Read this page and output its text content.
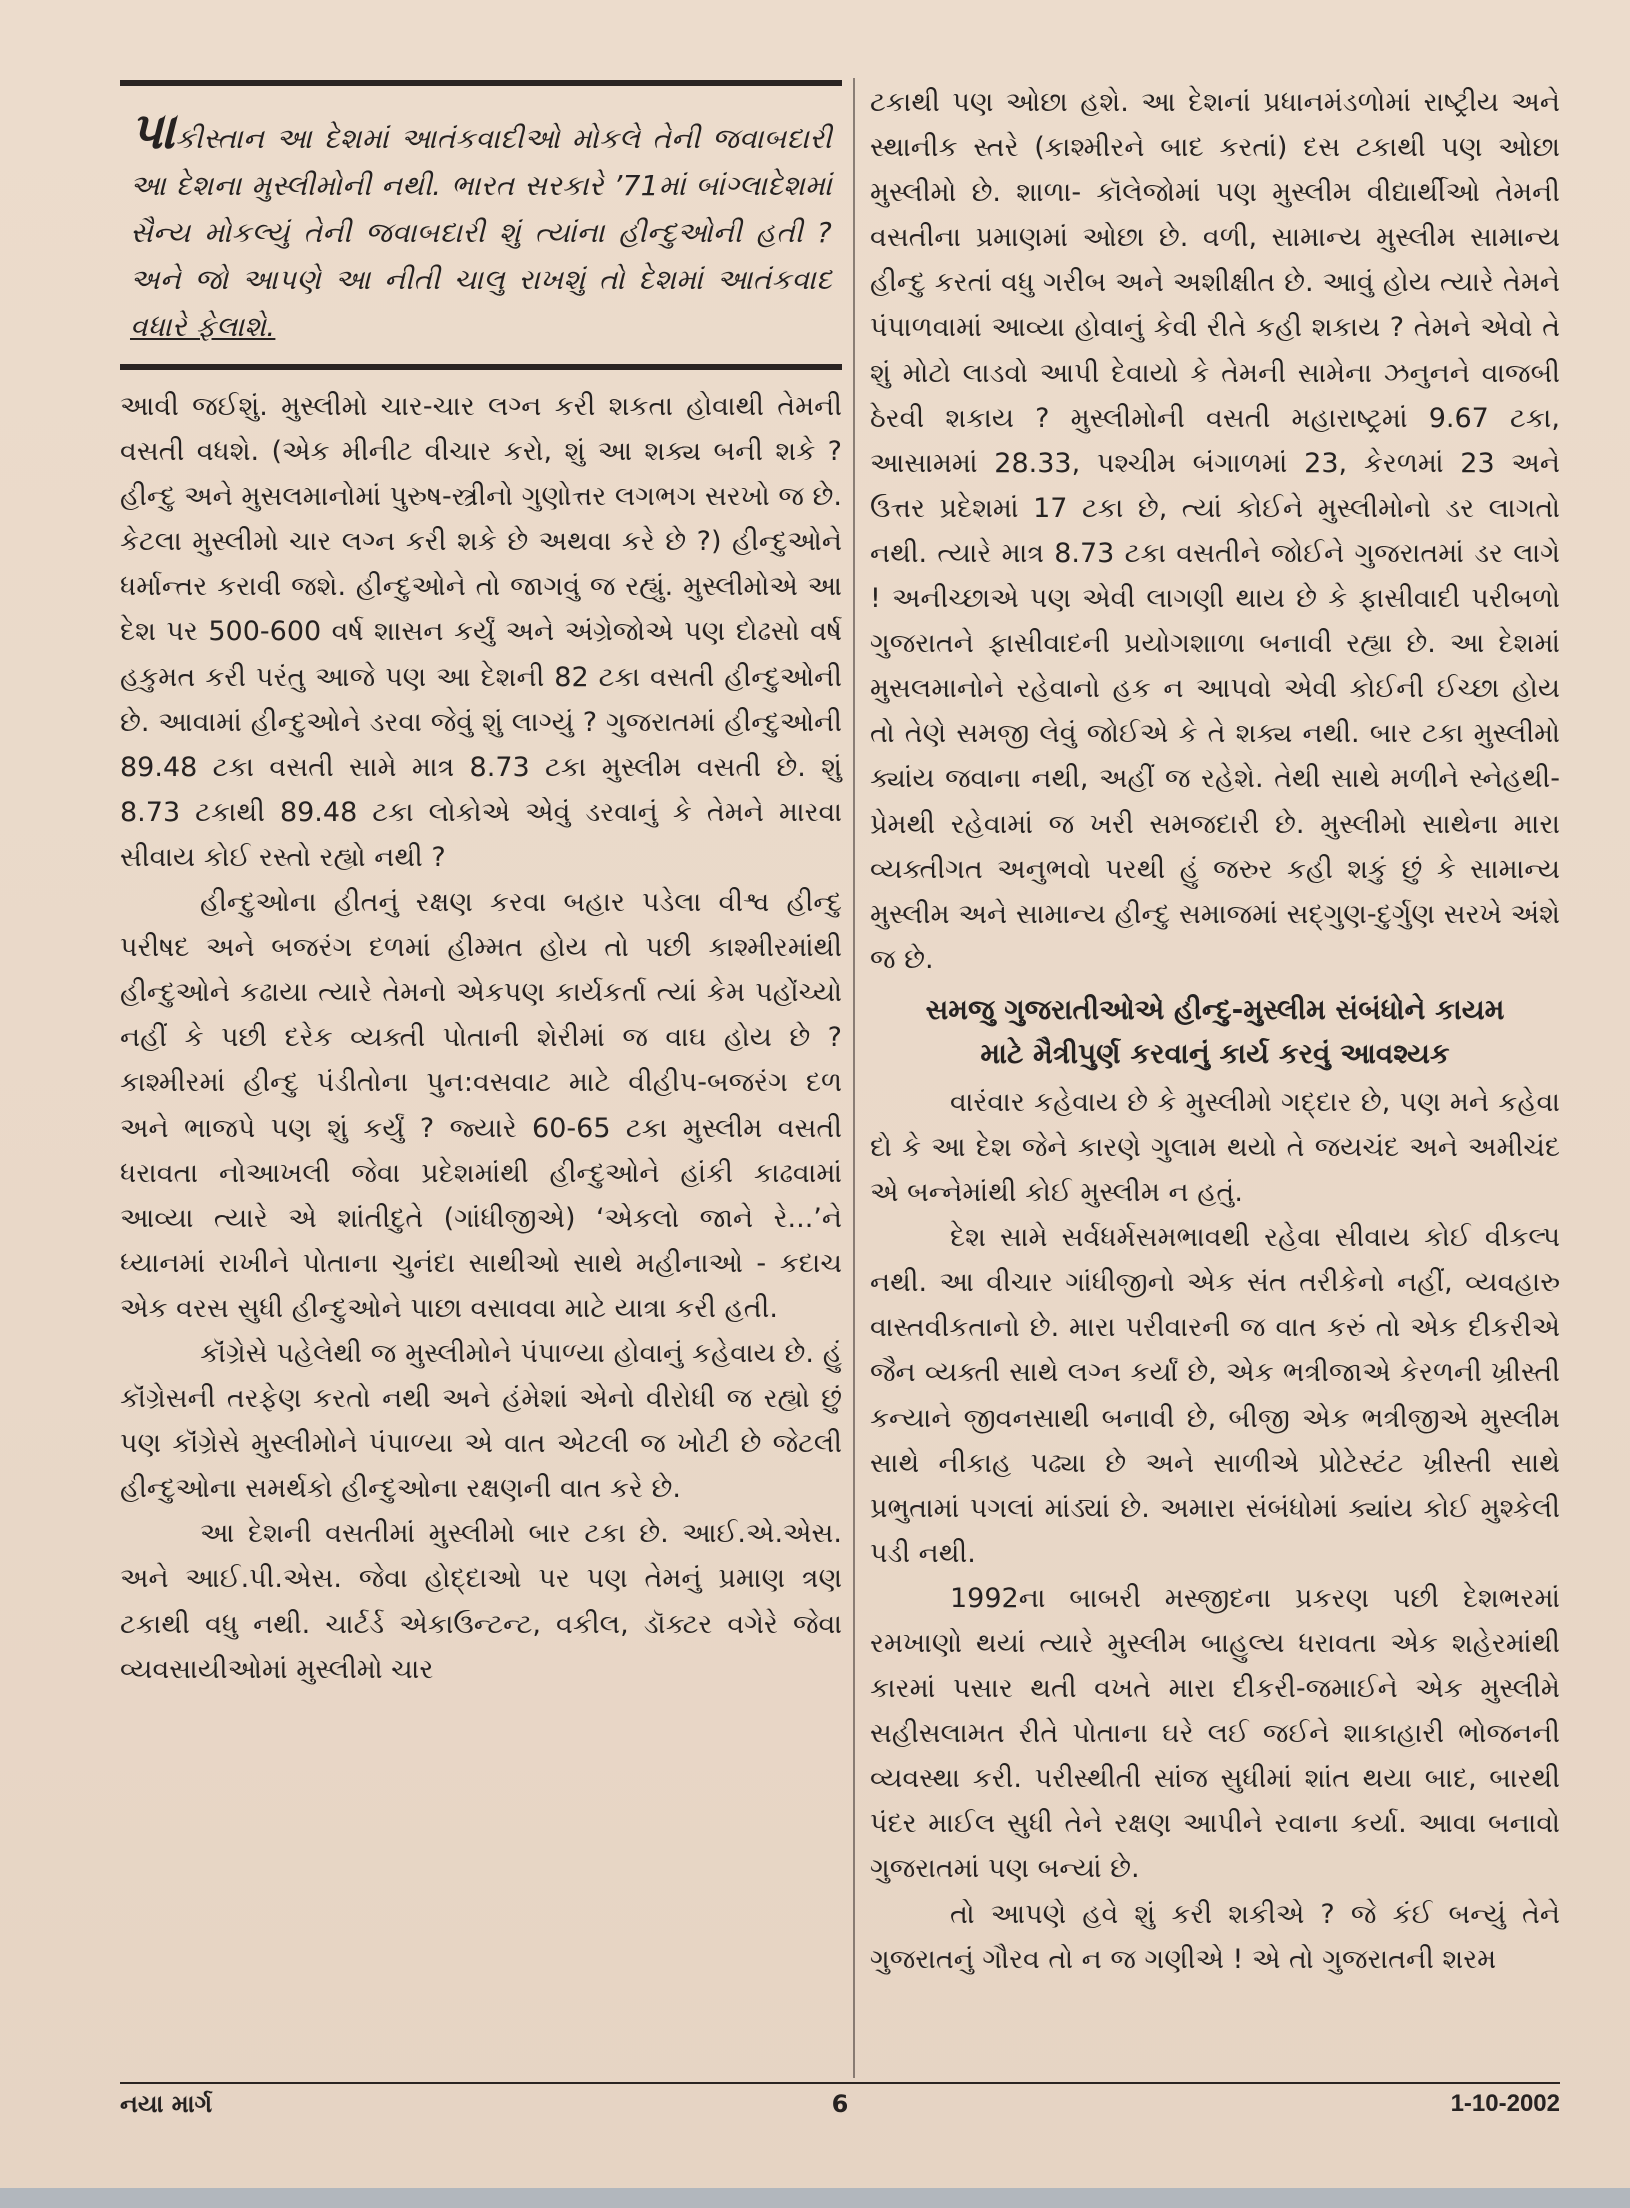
પાકીસ્તાન આ દેશમાં આતંકવાદીઓ મોકલે તેની જવાબદારી આ દેશના મુસ્લીમોની નથી. ભારત સરકારે ’71માં બાંગ્લાદેશમાં સૈન્ય મોકલ્યું તેની જવાબદારી શું ત્યાંના હીન્દુઓની હતી ? અને જો આપણે આ નીતી ચાલુ રાખશું તો દેશમાં આતંકવાદ વધારે ફેલાશે.

આવી જઈશું. મુસ્લીમો ચાર-ચાર લગ્ન કરી શકતા હોવાથી તેમની વસતી વધશે. (એક મીનીટ વીચાર કરો, શું આ શક્ય બની શકે ? હીન્દુ અને મુસલમાનોમાં પુરુષ-સ્ત્રીનો ગુણોત્તર લગભગ સરખો જ છે. કેટલા મુસ્લીમો ચાર લગ્ન કરી શકે છે અથવા કરે છે ?) હીન્દુઓને ધર્માન્તર કરાવી જશે. હીન્દુઓને તો જાગવું જ રહ્યું. મુસ્લીમોએ આ દેશ પર 500-600 વર્ષ શાસન કર્યું અને અંગ્રેજોએ પણ દોઢસો વર્ષ હકુમત કરી પરંતુ આજે પણ આ દેશની 82 ટકા વસતી હીન્દુઓની છે. આવામાં હીન્દુઓને ડરવા જેવું શું લાગ્યું ? ગુજરાતમાં હીન્દુઓની 89.48 ટકા વસતી સામે માત્ર 8.73 ટકા મુસ્લીમ વસતી છે. શું 8.73 ટકાથી 89.48 ટકા લોકોએ એવું ડરવાનું કે તેમને મારવા સીવાય કોઈ રસ્તો રહ્યો નથી ?

હીન્દુઓના હીતનું રક્ષણ કરવા બહાર પડેલા વીશ્વ હીન્દુ પરીષદ અને બજરંગ દળમાં હીમ્મત હોય તો પછી કાશ્મીરમાંથી હીન્દુઓને કઢાયા ત્યારે તેમનો એકપણ કાર્યકર્તા ત્યાં કેમ પહોંચ્યો નહીં કે પછી દરેક વ્યક્તી પોતાની શેરીમાં જ વાઘ હોય છે ? કાશ્મીરમાં હીન્દુ પંડીતોના પુન:વસવાટ માટે વીહીપ-બજરંગ દળ અને ભાજપે પણ શું કર્યું ? જ્યારે 60-65 ટકા મુસ્લીમ વસતી ધરાવતા નોઆખલી જેવા પ્રદેશમાંથી હીન્દુઓને હાંકી કાઢવામાં આવ્યા ત્યારે એ શાંતીદુતે (ગાંધીજીએ) ‘એકલો જાને રે...’ને ધ્યાનમાં રાખીને પોતાના ચુનંદા સાથીઓ સાથે મહીનાઓ - કદાચ એક વરસ સુધી હીન્દુઓને પાછા વસાવવા માટે યાત્રા કરી હતી.

કૉંગ્રેસે પહેલેથી જ મુસ્લીમોને પંપાળ્યા હોવાનું કહેવાય છે. હું કૉંગ્રેસની તરફેણ કરતો નથી અને હંમેશાં એનો વીરોધી જ રહ્યો છું પણ કૉંગ્રેસે મુસ્લીમોને પંપાળ્યા એ વાત એટલી જ ખોટી છે જેટલી હીન્દુઓના સમર્થકો હીન્દુઓના રક્ષણની વાત કરે છે.

આ દેશની વસતીમાં મુસ્લીમો બાર ટકા છે. આઈ.એ.એસ. અને આઈ.પી.એસ. જેવા હોદ્દાઓ પર પણ તેમનું પ્રમાણ ત્રણ ટકાથી વધુ નથી. ચાર્ટર્ડ એકાઉન્ટન્ટ, વકીલ, ડૉક્ટર વગેરે જેવા વ્યવસાયીઓમાં મુસ્લીમો ચાર

ટકાથી પણ ઓછા હશે. આ દેશનાં પ્રધાનમંડળોમાં રાષ્ટ્રીય અને સ્થાનીક સ્તરે (કાશ્મીરને બાદ કરતાં) દસ ટકાથી પણ ઓછા મુસ્લીમો છે. શાળા- કૉલેજોમાં પણ મુસ્લીમ વીદ્યાર્થીઓ તેમની વસતીના પ્રમાણમાં ઓછા છે. વળી, સામાન્ય મુસ્લીમ સામાન્ય હીન્દુ કરતાં વધુ ગરીબ અને અશીક્ષીત છે. આવું હોય ત્યારે તેમને પંપાળવામાં આવ્યા હોવાનું કેવી રીતે કહી શકાય ? તેમને એવો તે શું મોટો લાડવો આપી દેવાયો કે તેમની સામેના ઝનુનને વાજબી ઠેરવી શકાય ? મુસ્લીમોની વસતી મહારાષ્ટ્રમાં 9.67 ટકા, આસામમાં 28.33, પશ્ચીમ બંગાળમાં 23, કેરળમાં 23 અને ઉત્તર પ્રદેશમાં 17 ટકા છે, ત્યાં કોઈને મુસ્લીમોનો ડર લાગતો નથી. ત્યારે માત્ર 8.73 ટકા વસતીને જોઈને ગુજરાતમાં ડર લાગે ! અનીચ્છાએ પણ એવી લાગણી થાય છે કે ફાસીવાદી પરીબળો ગુજરાતને ફાસીવાદની પ્રયોગશાળા બનાવી રહ્યા છે. આ દેશમાં મુસલમાનોને રહેવાનો હક ન આપવો એવી કોઈની ઈચ્છા હોય તો તેણે સમજી લેવું જોઈએ કે તે શક્ય નથી. બાર ટકા મુસ્લીમો ક્યાંય જવાના નથી, અહીં જ રહેશે. તેથી સાથે મળીને સ્નેહથી-પ્રેમથી રહેવામાં જ ખરી સમજદારી છે. મુસ્લીમો સાથેના મારા વ્યક્તીગત અનુભવો પરથી હું જરુર કહી શકું છું કે સામાન્ય મુસ્લીમ અને સામાન્ય હીન્દુ સમાજમાં સદ્ગુણ-દુર્ગુણ સરખે અંશે જ છે.

સમજુ ગુજરાતીઓએ હીન્દુ-મુસ્લીમ સંબંધોને કાયમ
માટે મૈત્રીપુર્ણ કરવાનું કાર્ય કરવું આવશ્યક

વારંવાર કહેવાય છે કે મુસ્લીમો ગદ્દાર છે, પણ મને કહેવા દો કે આ દેશ જેને કારણે ગુલામ થયો તે જયચંદ અને અમીચંદ એ બન્નેમાંથી કોઈ મુસ્લીમ ન હતું.

દેશ સામે સર્વધર્મસમભાવથી રહેવા સીવાય કોઈ વીકલ્પ નથી. આ વીચાર ગાંધીજીનો એક સંત તરીકેનો નહીં, વ્યવહારુ વાસ્તવીકતાનો છે. મારા પરીવારની જ વાત કરું તો એક દીકરીએ જૈન વ્યક્તી સાથે લગ્ન કર્યાં છે, એક ભત્રીજાએ કેરળની ખ્રીસ્તી કન્યાને જીવનસાથી બનાવી છે, બીજી એક ભત્રીજીએ મુસ્લીમ સાથે નીકાહ પઢ્યા છે અને સાળીએ પ્રોટેસ્ટંટ ખ્રીસ્તી સાથે પ્રભુતામાં પગલાં માંડ્યાં છે. અમારા સંબંધોમાં ક્યાંય કોઈ મુશ્કેલી પડી નથી.

1992ના બાબરી મસ્જીદના પ્રકરણ પછી દેશભરમાં રમખાણો થયાં ત્યારે મુસ્લીમ બાહુલ્ય ધરાવતા એક શહેરમાંથી કારમાં પસાર થતી વખતે મારા દીકરી-જમાઈને એક મુસ્લીમે સહીસલામત રીતે પોતાના ઘરે લઈ જઈને શાકાહારી ભોજનની વ્યવસ્થા કરી. પરીસ્થીતી સાંજ સુધીમાં શાંત થયા બાદ, બારથી પંદર માઈલ સુધી તેને રક્ષણ આપીને રવાના કર્યા. આવા બનાવો ગુજરાતમાં પણ બન્યાં છે.

તો આપણે હવે શું કરી શકીએ ? જે કંઈ બન્યું તેને ગુજરાતનું ગૌરવ તો ન જ ગણીએ ! એ તો ગુજરાતની શરમ

નયા માર્ગ	6	1-10-2002
